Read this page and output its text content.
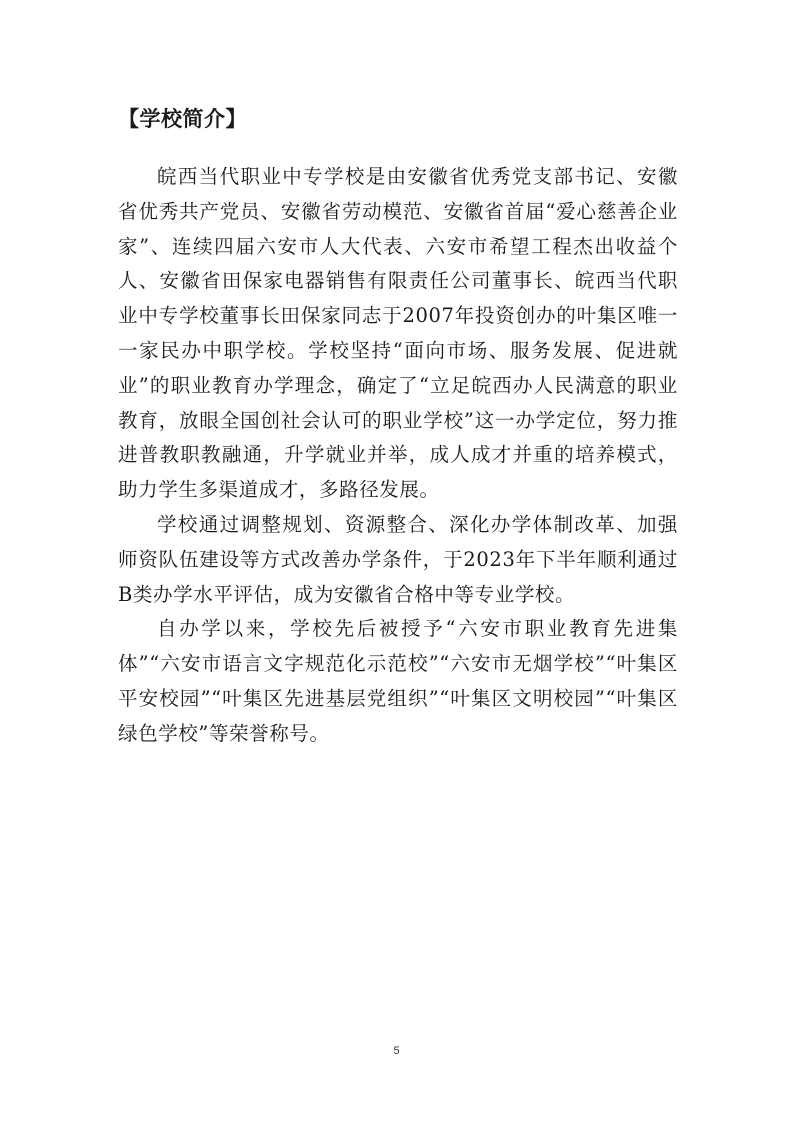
【学校简介】

皖西当代职业中专学校是由安徽省优秀党支部书记、安徽省优秀共产党员、安徽省劳动模范、安徽省首届“爱心慈善企业家”、连续四届六安市人大代表、六安市希望工程杰出收益个人、安徽省田保家电器销售有限责任公司董事长、皖西当代职业中专学校董事长田保家同志于2007年投资创办的叶集区唯一一家民办中职学校。学校坚持“面向市场、服务发展、促进就业”的职业教育办学理念，确定了“立足皖西办人民满意的职业教育，放眼全国创社会认可的职业学校”这一办学定位，努力推进普教职教融通，升学就业并举，成人成才并重的培养模式，助力学生多渠道成才，多路径发展。

学校通过调整规划、资源整合、深化办学体制改革、加强师资队伍建设等方式改善办学条件，于2023年下半年顺利通过B类办学水平评估，成为安徽省合格中等专业学校。

自办学以来，学校先后被授予“六安市职业教育先进集体”“六安市语言文字规范化示范校”“六安市无烟学校”“叶集区平安校园”“叶集区先进基层党组织”“叶集区文明校园”“叶集区绿色学校”等荣誉称号。

5
